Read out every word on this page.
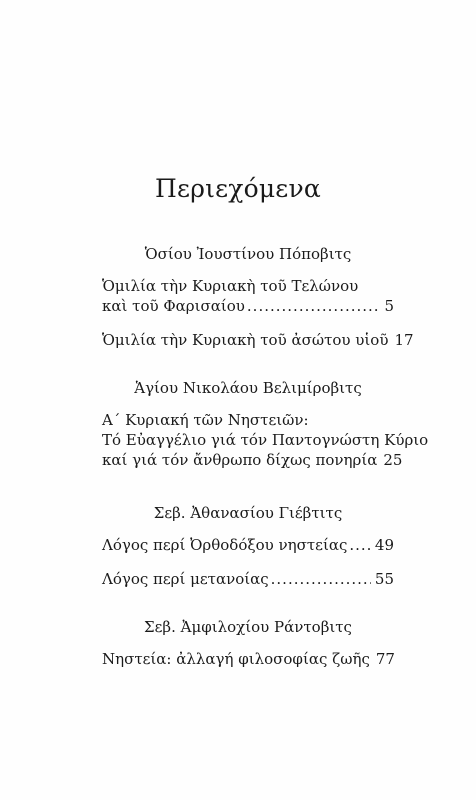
Περιεχόμενα
Ὁσίου Ἰουστίνου Πόποβιτς
Ὁμιλία τὴν Κυριακὴ τοῦ Τελώνου
καὶ τοῦ Φαρισαίου .....	5
Ὁμιλία τὴν Κυριακὴ τοῦ ἀσώτου υἱοῦ 17
Ἁγίου Νικολάου Βελιμίροβιτς
Α΄ Κυριακή τῶν Νηστειῶν:
Τό Εὐαγγέλιο γιά τόν Παντογνώστη Κύριο
καί γιά τόν ἄνθρωπο δίχως πονηρία 25
Σεβ. Ἀθανασίου Γιέβτιτς
Λόγος περί Ὀρθοδόξου νηστείας ..... 49
Λόγος περί μετανοίας .....	55
Σεβ. Ἀμφιλοχίου Ράντοβιτς
Νηστεία: ἀλλαγή φιλοσοφίας ζωῆς 77
